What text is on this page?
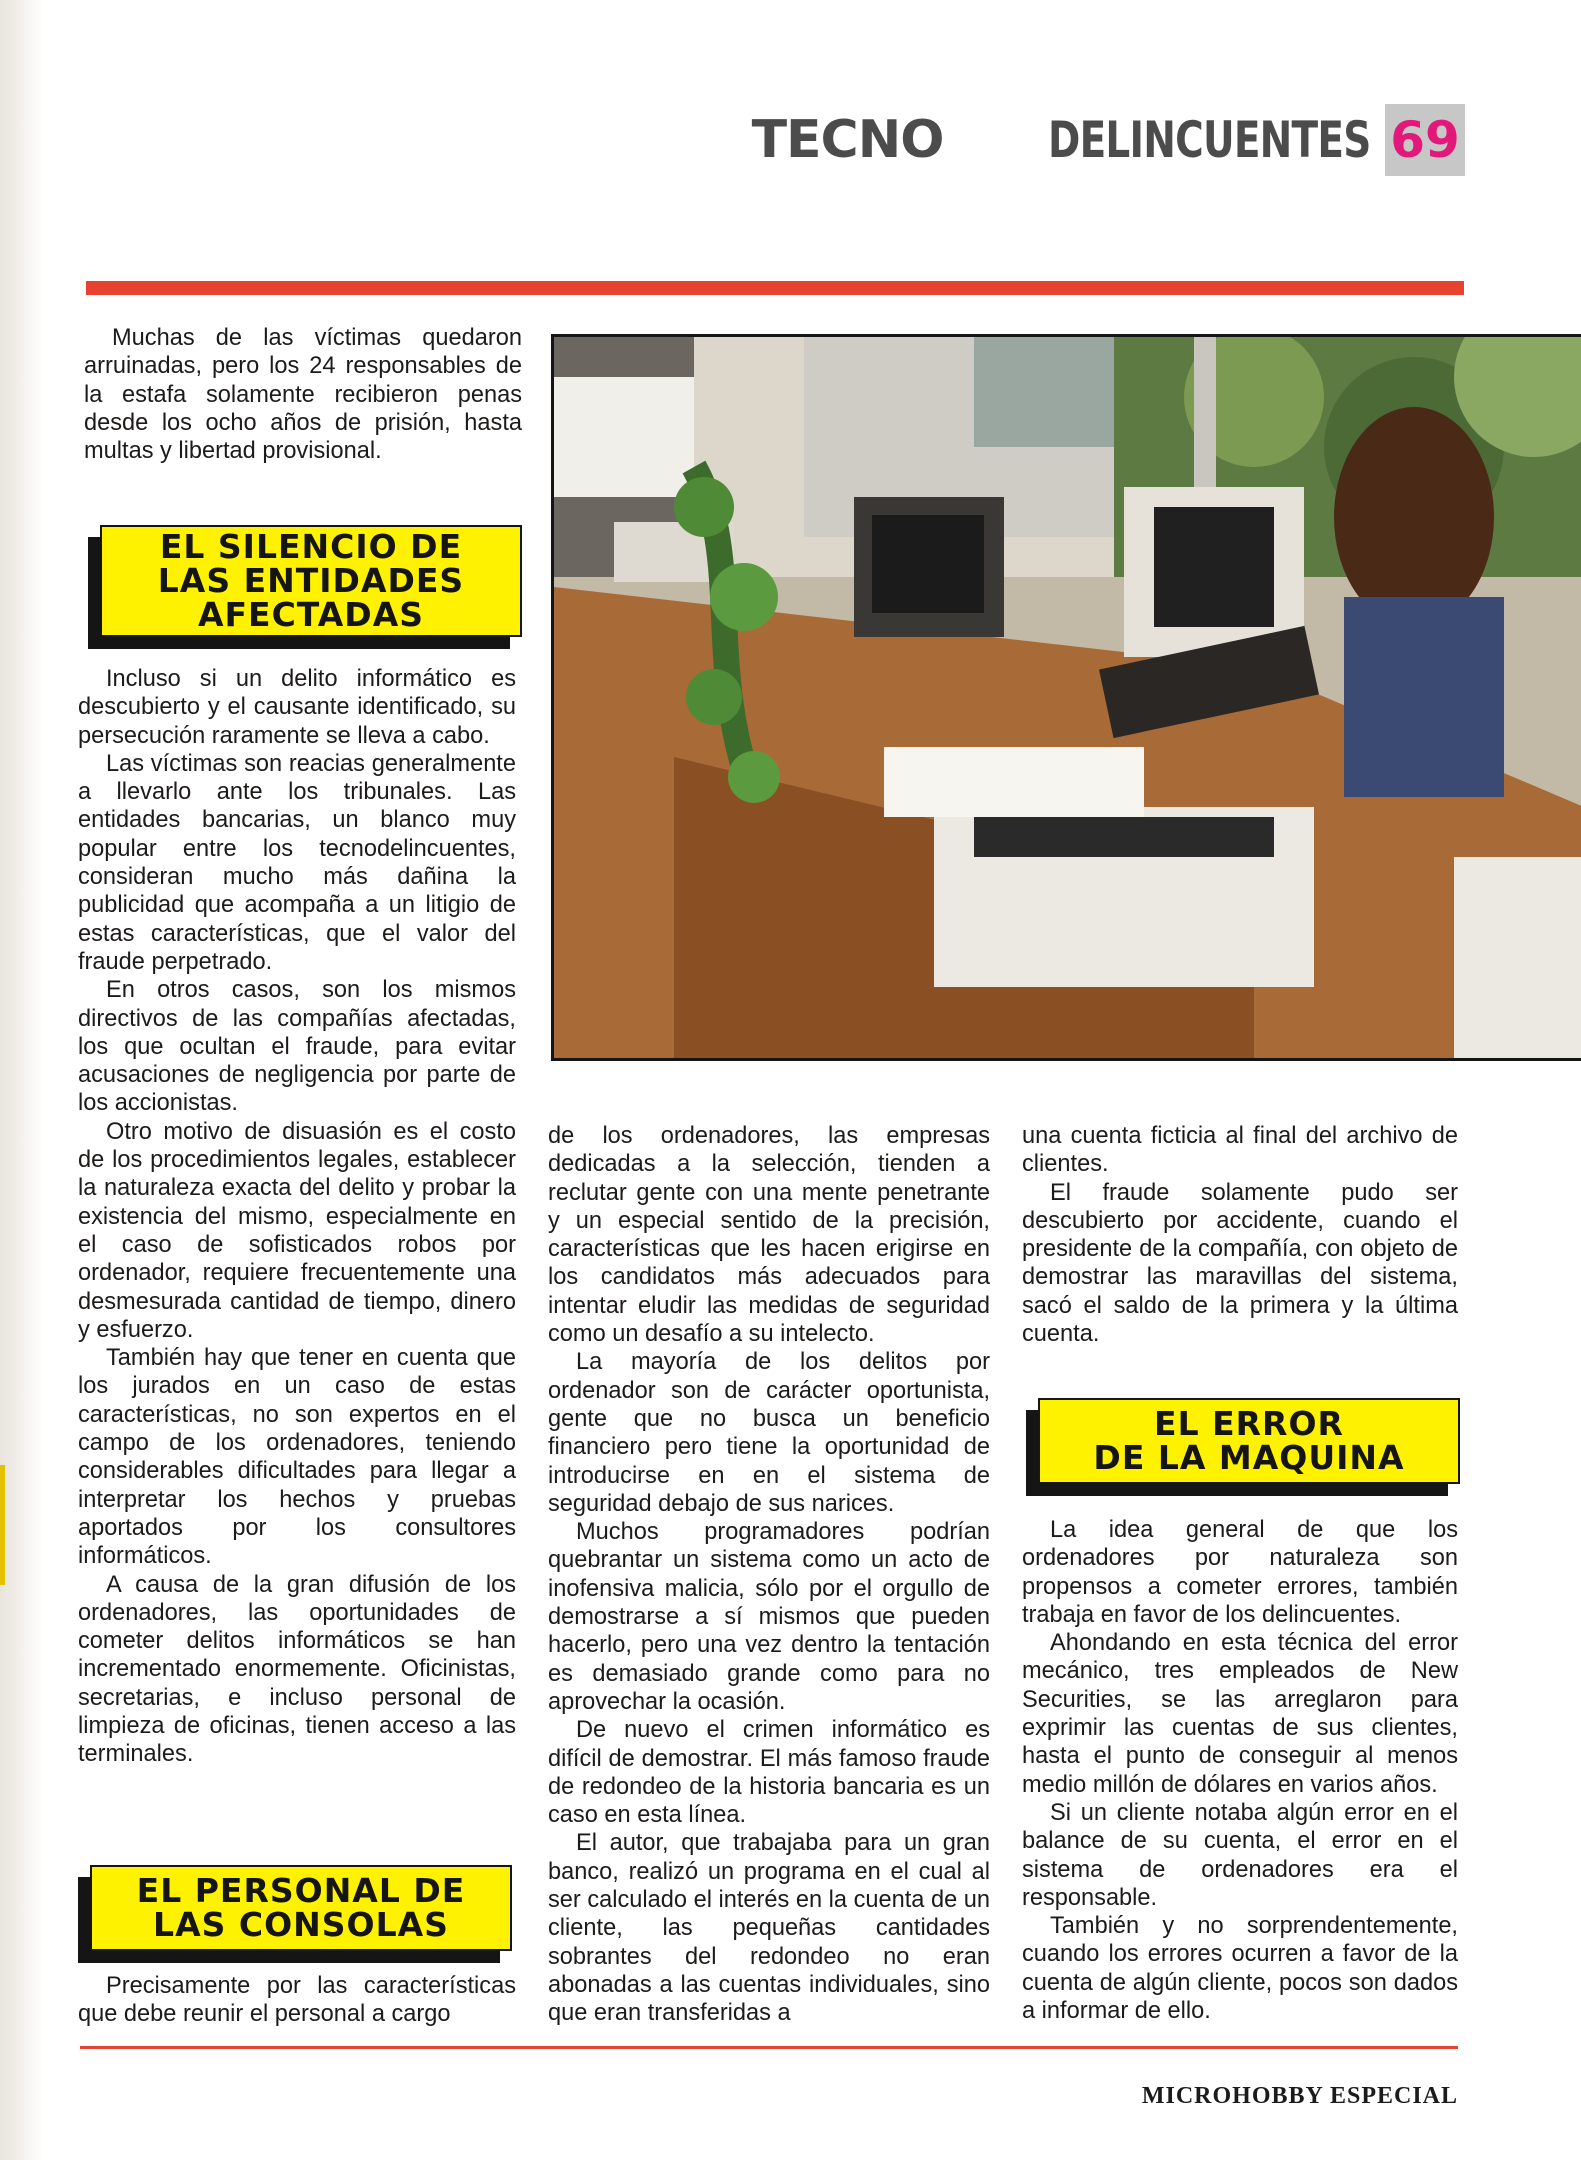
TECNO DELINCUENTES 69

Muchas de las víctimas quedaron arruinadas, pero los 24 responsables de la estafa solamente recibieron penas desde los ocho años de prisión, hasta multas y libertad provisional.

EL SILENCIO DE
LAS ENTIDADES
AFECTADAS

Incluso si un delito informático es descubierto y el causante identificado, su persecución raramente se lleva a cabo.

Las víctimas son reacias generalmente a llevarlo ante los tribunales. Las entidades bancarias, un blanco muy popular entre los tecnodelincuentes, consideran mucho más dañina la publicidad que acompaña a un litigio de estas características, que el valor del fraude perpetrado.

En otros casos, son los mismos directivos de las compañías afectadas, los que ocultan el fraude, para evitar acusaciones de negligencia por parte de los accionistas.

Otro motivo de disuasión es el costo de los procedimientos legales, establecer la naturaleza exacta del delito y probar la existencia del mismo, especialmente en el caso de sofisticados robos por ordenador, requiere frecuentemente una desmesurada cantidad de tiempo, dinero y esfuerzo.

También hay que tener en cuenta que los jurados en un caso de estas características, no son expertos en el campo de los ordenadores, teniendo considerables dificultades para llegar a interpretar los hechos y pruebas aportados por los consultores informáticos.

A causa de la gran difusión de los ordenadores, las oportunidades de cometer delitos informáticos se han incrementado enormemente. Oficinistas, secretarias, e incluso personal de limpieza de oficinas, tienen acceso a las terminales.

EL PERSONAL DE
LAS CONSOLAS

Precisamente por las características que debe reunir el personal a cargo

de los ordenadores, las empresas dedicadas a la selección, tienden a reclutar gente con una mente penetrante y un especial sentido de la precisión, características que les hacen erigirse en los candidatos más adecuados para intentar eludir las medidas de seguridad como un desafío a su intelecto.

La mayoría de los delitos por ordenador son de carácter oportunista, gente que no busca un beneficio financiero pero tiene la oportunidad de introducirse en en el sistema de seguridad debajo de sus narices.

Muchos programadores podrían quebrantar un sistema como un acto de inofensiva malicia, sólo por el orgullo de demostrarse a sí mismos que pueden hacerlo, pero una vez dentro la tentación es demasiado grande como para no aprovechar la ocasión.

De nuevo el crimen informático es difícil de demostrar. El más famoso fraude de redondeo de la historia bancaria es un caso en esta línea.

El autor, que trabajaba para un gran banco, realizó un programa en el cual al ser calculado el interés en la cuenta de un cliente, las pequeñas cantidades sobrantes del redondeo no eran abonadas a las cuentas individuales, sino que eran transferidas a

una cuenta ficticia al final del archivo de clientes.

El fraude solamente pudo ser descubierto por accidente, cuando el presidente de la compañía, con objeto de demostrar las maravillas del sistema, sacó el saldo de la primera y la última cuenta.

EL ERROR
DE LA MAQUINA

La idea general de que los ordenadores por naturaleza son propensos a cometer errores, también trabaja en favor de los delincuentes.

Ahondando en esta técnica del error mecánico, tres empleados de New Securities, se las arreglaron para exprimir las cuentas de sus clientes, hasta el punto de conseguir al menos medio millón de dólares en varios años.

Si un cliente notaba algún error en el balance de su cuenta, el error en el sistema de ordenadores era el responsable.

También y no sorprendentemente, cuando los errores ocurren a favor de la cuenta de algún cliente, pocos son dados a informar de ello.

MICROHOBBY ESPECIAL
